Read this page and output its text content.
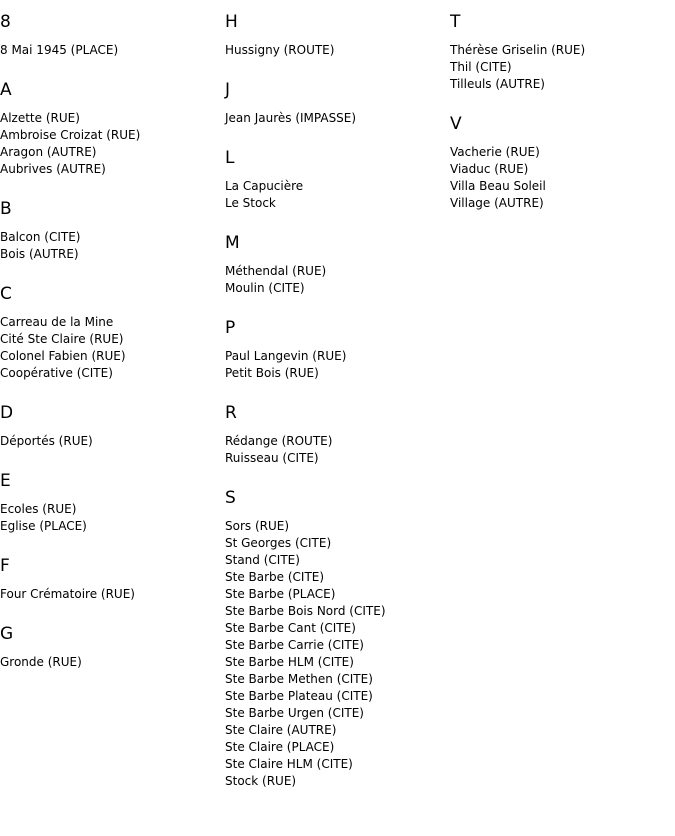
8
8 Mai 1945 (PLACE)
A
Alzette (RUE)
Ambroise Croizat (RUE)
Aragon (AUTRE)
Aubrives (AUTRE)
B
Balcon (CITE)
Bois (AUTRE)
C
Carreau de la Mine
Cité Ste Claire (RUE)
Colonel Fabien (RUE)
Coopérative (CITE)
D
Déportés (RUE)
E
Ecoles (RUE)
Eglise (PLACE)
F
Four Crématoire (RUE)
G
Gronde (RUE)
H
Hussigny (ROUTE)
J
Jean Jaurès (IMPASSE)
L
La Capucière
Le Stock
M
Méthendal (RUE)
Moulin (CITE)
P
Paul Langevin (RUE)
Petit Bois (RUE)
R
Rédange (ROUTE)
Ruisseau (CITE)
S
Sors (RUE)
St Georges (CITE)
Stand (CITE)
Ste Barbe (CITE)
Ste Barbe (PLACE)
Ste Barbe Bois Nord (CITE)
Ste Barbe Cant (CITE)
Ste Barbe Carrie (CITE)
Ste Barbe HLM (CITE)
Ste Barbe Methen (CITE)
Ste Barbe Plateau (CITE)
Ste Barbe Urgen (CITE)
Ste Claire (AUTRE)
Ste Claire (PLACE)
Ste Claire HLM (CITE)
Stock (RUE)
T
Thérèse Griselin (RUE)
Thil (CITE)
Tilleuls (AUTRE)
V
Vacherie (RUE)
Viaduc (RUE)
Villa Beau Soleil
Village (AUTRE)
